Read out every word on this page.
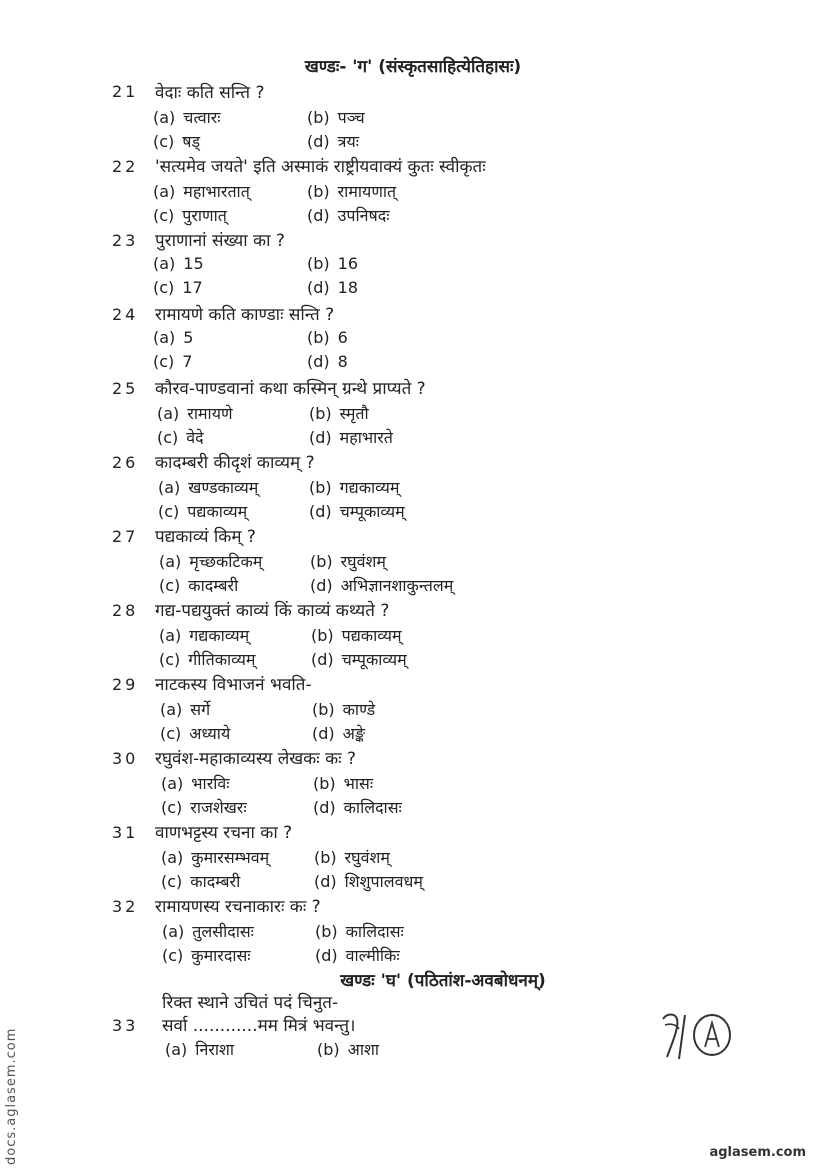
खण्डः- 'ग' (संस्कृतसाहित्येतिहासः)
21 वेदाः कति सन्ति ?
(a) चत्वारः	(b) पञ्च
(c) षड्	(d) त्रयः
22 'सत्यमेव जयते' इति अस्माकं राष्ट्रीयवाक्यं कुतः स्वीकृतः
(a) महाभारतात्	(b) रामायणात्
(c) पुराणात्	(d) उपनिषदः
23 पुराणानां संख्या का ?
(a) 15	(b) 16
(c) 17	(d) 18
24 रामायणे कति काण्डाः सन्ति ?
(a) 5	(b) 6
(c) 7	(d) 8
25 कौरव-पाण्डवानां कथा कस्मिन् ग्रन्थे प्राप्यते ?
(a) रामायणे	(b) स्मृतौ
(c) वेदे	(d) महाभारते
26 कादम्बरी कीदृशं काव्यम् ?
(a) खण्डकाव्यम्	(b) गद्यकाव्यम्
(c) पद्यकाव्यम्	(d) चम्पूकाव्यम्
27 पद्यकाव्यं किम् ?
(a) मृच्छकटिकम्	(b) रघुवंशम्
(c) कादम्बरी	(d) अभिज्ञानशाकुन्तलम्
28 गद्य-पद्ययुक्तं काव्यं किं काव्यं कथ्यते ?
(a) गद्यकाव्यम्	(b) पद्यकाव्यम्
(c) गीतिकाव्यम्	(d) चम्पूकाव्यम्
29 नाटकस्य विभाजनं भवति-
(a) सर्गे	(b) काण्डे
(c) अध्याये	(d) अङ्के
30 रघुवंश-महाकाव्यस्य लेखकः कः ?
(a) भारविः	(b) भासः
(c) राजशेखरः	(d) कालिदासः
31 वाणभट्टस्य रचना का ?
(a) कुमारसम्भवम्	(b) रघुवंशम्
(c) कादम्बरी	(d) शिशुपालवधम्
32 रामायणस्य रचनाकारः कः ?
(a) तुलसीदासः	(b) कालिदासः
(c) कुमारदासः	(d) वाल्मीकिः
खण्डः 'घ' (पठितांश-अवबोधनम्)
रिक्त स्थाने उचितं पदं चिनुत-
33 सर्वा ............मम मित्रं भवन्तु।
(a) निराशा	(b) आशा
docs.aglasem.com	aglasem.com
